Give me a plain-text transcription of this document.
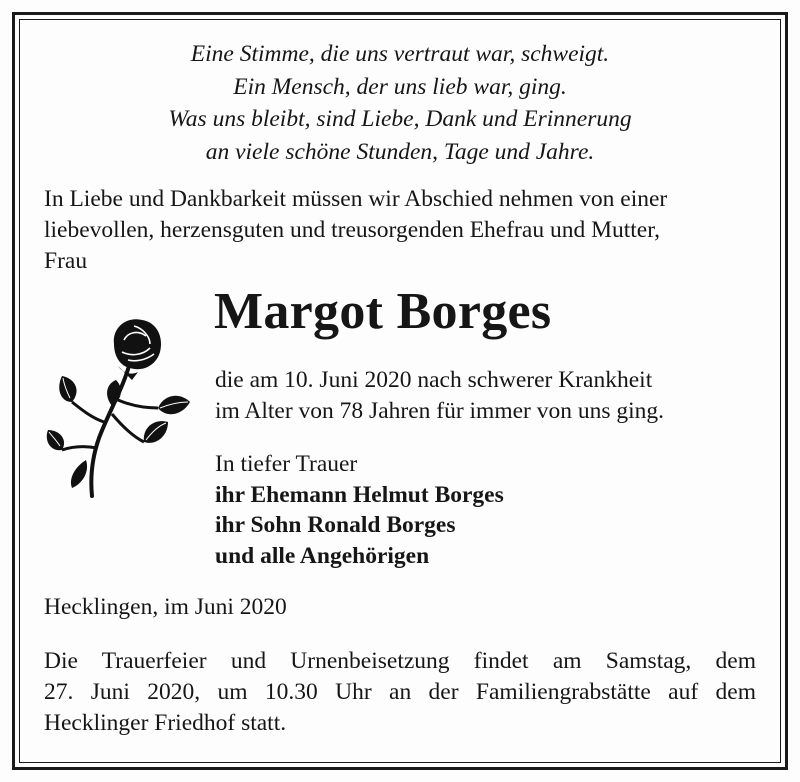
Eine Stimme, die uns vertraut war, schweigt.
Ein Mensch, der uns lieb war, ging.
Was uns bleibt, sind Liebe, Dank und Erinnerung
an viele schöne Stunden, Tage und Jahre.
In Liebe und Dankbarkeit müssen wir Abschied nehmen von einer
liebevollen, herzensguten und treusorgenden Ehefrau und Mutter,
Frau
Margot Borges
die am 10. Juni 2020 nach schwerer Krankheit
im Alter von 78 Jahren für immer von uns ging.
In tiefer Trauer
ihr Ehemann Helmut Borges
ihr Sohn Ronald Borges
und alle Angehörigen
Hecklingen, im Juni 2020
Die Trauerfeier und Urnenbeisetzung findet am Samstag, dem
27. Juni 2020, um 10.30 Uhr an der Familiengrabstätte auf dem
Hecklinger Friedhof statt.
